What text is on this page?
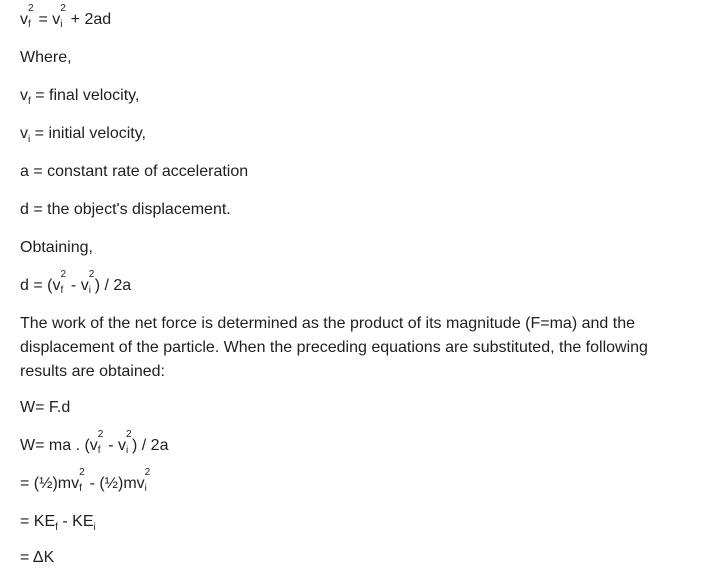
v
2
f = v
2
i + 2ad
Where,
$v_f$ = final velocity,
$v_i$ = initial velocity,
a = constant rate of acceleration
d = the object's displacement.
Obtaining,
d = (v
2
f - v
2
i ) / 2a
The work of the net force is determined as the product of its magnitude (F=ma) and the
displacement of the particle. When the preceding equations are substituted, the following
results are obtained:
W= F.d
W= ma . (v
2
f - v
2
i ) / 2a
= (½)mv
2
f - (½)mv
2
i
= $KE_f - KE_i$
= ΔK
